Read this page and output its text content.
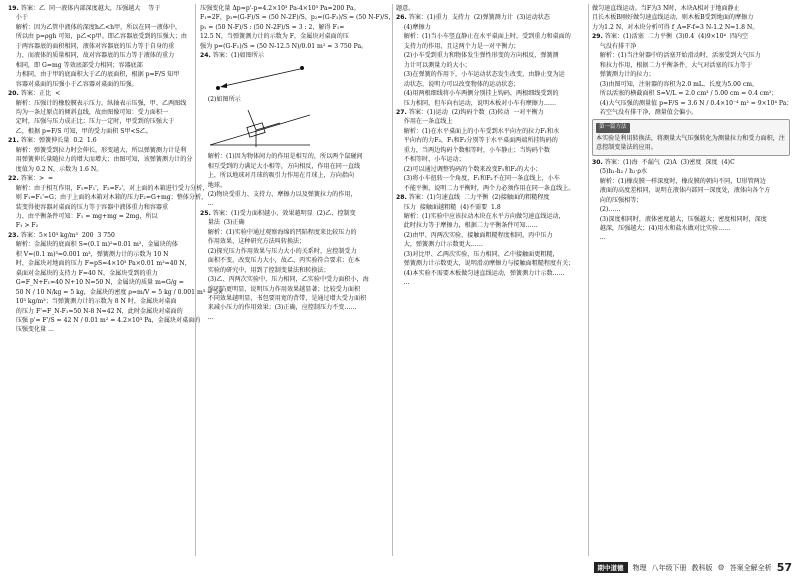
19. 答案：乙  同一液体内部深度越大，压强越大    等于
小于
解析：因为乙管中液体的深度h乙<h甲，所以在同一液体中，
所以由 p=ρgh 可知，p乙<p甲。即乙容器底受到的压强大；由
于两容器底的面积相同，液体对容器底的压力等于自身的重
力，而液体的质量相同，故对容器底的压力等于液体的重力
相同，即 G=mg 等效底部受力相同；容器底部
力相同，由于甲的底面积大于乙的底面积，根据 p=F/S 知甲
容器对桌面的压强小于乙容器对桌面的压强。
20. 答案：正比  <
解析：压强计的橡胶膜表示压力，纵轴表示压强，甲、乙两图线
均为一条过原点的倾斜直线，故由图像可知：受力面积一
定时，压强与压力成正比；压力一定时，甲受到的压强大于
乙，根据 p=F/S 可知，甲的受力面积 S甲<S乙。
21. 答案：弹簧伸长量  0.2  1.6
解析：弹簧受到拉力时会伸长，形变越大，所以弹簧测力计是利
用弹簧伸长量随拉力的增大而增大；由图可知，该弹簧测力计的分
度值为 0.2 N，示数为 1.6 N。
22. 答案：>  =
解析：由于相互作用，F₁=F₁'，F₂=F₂'，对上面的木箱进行受力分析，
则 F₁=F₁'=G；由于上面的木箱对木箱的压力F₂=G+mg；整体分析，
装变得使容器对桌面的压力等于容器中液体重力和容器重
力，由平衡条件可知：F₁ = mg+mg = 2mg，所以
F₁ > F₂
23. 答案：5×10³ kg/m³  200  3 750
解析：金属块的底面积 S=(0.1 m)²=0.01 m²，金属块的体
积 V=(0.1 m)³=0.001 m³，弹簧测力计的示数为 10 N
时，金属块对地面的压力 F=pS=4×10³ Pa×0.01 m²=40 N，
桌面对金属块的支持力 F=40 N，金属块受到的重力
G=F_N+F₁=40 N+10 N=50 N，金属块的质量 m=G/g =
50 N / 10 N/kg = 5 kg，金属块的密度 ρ=m/V = 5 kg / 0.001 m³ = 5×
10³ kg/m³；当弹簧测力计的示数为 8 N 时，金属块对桌面
的压力 F'=F_N-F₁=50 N-8 N=42 N，此时金属块对桌面的
压强 p'= F'/S = 42 N / 0.01 m² = 4.2×10³ Pa，金属块对桌面的
压强变化量 ...
压强变化量 Δp=p'-p=4.2×10³ Pa-4×10³ Pa=200 Pa。
F₁=2F，p₁=(G-F)/S = (50 N-2F)/S，p₂=(G-F₂)/S = (50 N-F)/S，
p₁ = (50 N-F)/S : (50 N-2F)/S = 3 : 2，解得 F₁=
12.5 N，当弹簧测力计的示数为 F，金属块对桌面的压
强为 p=(G-F₁)/S = (50 N-12.5 N)/0.01 m² = 3 750 Pa。
24. 答案：(1)如图所示
(2)如图所示
解析：(1)因为物体间力的作用是相互的，所以两个鼠碰间
相互受到的力满足大小相等，方向相反，作用在同一直线
上，所以地球对月球的吸引力作用在月球上，方向指向
地球。
(2)物块受重力、支持力、摩擦力以及弹簧拉力的作用，
...
25. 答案：(1)受力面积越小，效果越明显  (2)乙、控制变
量法  (3)正确
解析：(1)实验中通过观察海绵的凹陷程度来比较压力的
作用效果，这种研究方法叫转换法；
(2)探究压力作用效果与压力大小的关系时，应控制受力
面积不变，改变压力大小，故乙、丙实验符合要求；在本
实验的研究中，用到了控制变量法和转换法；
(3)乙、丙两次实验中，压力相同，乙实验中受力面积小，海
绵凹陷更明显，说明压力作用效果越显著；比较受力面积
不同效果越明显，书包要用宽的背带，是通过增大受力面积
来减小压力的作用效果；(3)正确，应控制压力不变……
...
题意。
26. 答案：(1)重力  支持力  (2)弹簧测力计  (3)运动状态
(4)摩擦力
解析：(1)当小车竖直静止在水平桌面上时，受到重力和桌面的
支持力的作用，且这两个力是一对平衡力；
(2)小车受到重力和物体发生弹性形变的方向相反，弹簧测
力计可以测量力的大小；
(3)在弹簧的作用下，小车运动状态发生改变，由静止变为运
动状态，说明力可以改变物体的运动状态；
(4)用两根细线将小车两侧分别挂上钩码，两根细线受到的
压力相同，但车向右运动，说明木板对小车有摩擦力……
27. 答案：(1)运动  (2)钩码个数  (3)转动  一对平衡力
作用在一条直线上
解析：(1)在水平桌面上的小车受到水平向左的拉力F₁和水
平向右的力F₂，F₁和F₂分别等于水平桌面两端所挂钩码的
重力，当两边钩码个数相等时，小车静止；当钩码个数
不相等时，小车运动；
(2)可以通过调整钩码的个数来改变F₁和F₂的大小；
(3)将小车扭转一个角度，F₁和F₂不在同一条直线上，小车
不能平衡，说明二力平衡时，两个力必须作用在同一条直线上。
28. 答案：(1)匀速直线  二力平衡  (2)接触面的粗糙程度
压力  接触面越粗糙  (4)不需要  1.8
解析：(1)实验中应该拉动木块在水平方向做匀速直线运动，
此时拉力等于摩擦力，根据二力平衡条件可知……
(2)由甲、丙两次实验，接触面粗糙程度相同，丙中压力
大，弹簧测力计示数更大……
(3)对比甲、乙两次实验，压力相同，乙中接触面更粗糙，
弹簧测力计示数更大，说明滑动摩擦力与接触面粗糙程度有关；
(4)本实验不需要木板做匀速直线运动，弹簧测力计示数……
...
做匀速直线运动。当F为3 N时，木块A相对于地面静止
且长木板B刚好做匀速直线运动，则木板B受到地面的摩擦力
力为1.2 N，对木块分析可得 f_A=F-f=3 N-1.2 N=1.8 N。
29. 答案：(1)活塞  二力平衡  (3)0.4  (4)9×10⁴  四内空
气没有排干净
解析：(1)当注射器中的活塞开始滑动时，活塞受到大气压力
和拉力作用，根据二力平衡条件，大气对活塞的压力等于
弹簧测力计的拉力；
(3)由图可知，注射器的容积为2.0 mL，长度为5.00 cm，
所以活塞的横截面积 S=V/L = 2.0 cm³ / 5.00 cm = 0.4 cm²；
(4)大气压强的测量值 p=F/S = 3.6 N / 0.4×10⁻⁴ m² = 9×10⁴ Pa；
若空气没有排干净，测量值会偏小。
第一篇方法
本实验是利用转换法，将测量大气压强转化为测量拉力和受力面积，注意控制变量法的应用。
30. 答案：(1)海  不漏气  (2)A  (3)密度  深度  (4)C
(5)h₁-h₂ / h₁·ρ水
解析：(1)橡皮膜一样深度时，橡皮膜的朝向不同，U形管两边
液面的高度差相同，说明在液体内部同一深度处，液体向各个方
向的压强相等；
(2)……
(3)深度相同时，液体密度越大，压强越大；密度相同时，深度
越深，压强越大；(4)用水和盐水做对比实验……
...
期中道德	物理 八年级下册 教科版 ⚙ 答案全解全析 57
